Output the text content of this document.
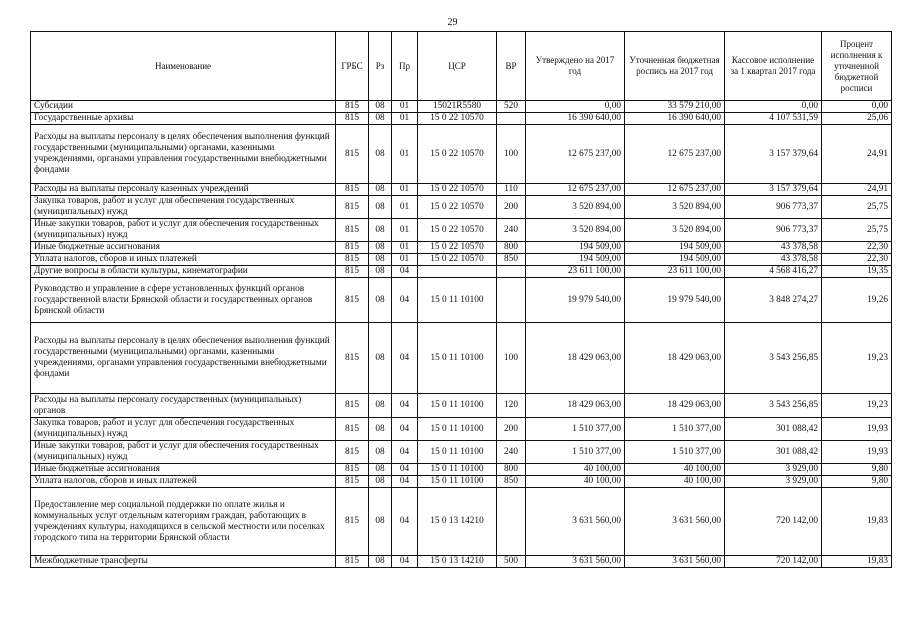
29
Наименование	ГРБС	Рз	Пр	ЦСР	ВР	Утверждено на 2017 год	Уточненная бюджетная роспись на 2017 год	Кассовое исполнение за 1 квартал 2017 года	Процент исполнения к уточненной бюджетной росписи
Субсидии	815	08	01	15021R5580	520	0,00	33 579 210,00	0,00	0,00
Государственные архивы	815	08	01	15 0 22 10570		16 390 640,00	16 390 640,00	4 107 531,59	25,06
Расходы на выплаты персоналу в целях обеспечения выполнения функций государственными (муниципальными) органами, казенными учреждениями, органами управления государственными внебюджетными фондами	815	08	01	15 0 22 10570	100	12 675 237,00	12 675 237,00	3 157 379,64	24,91
Расходы на выплаты персоналу казенных учреждений	815	08	01	15 0 22 10570	110	12 675 237,00	12 675 237,00	3 157 379,64	24,91
Закупка товаров, работ и услуг для обеспечения государственных (муниципальных) нужд	815	08	01	15 0 22 10570	200	3 520 894,00	3 520 894,00	906 773,37	25,75
Иные закупки товаров, работ и услуг для обеспечения государственных (муниципальных) нужд	815	08	01	15 0 22 10570	240	3 520 894,00	3 520 894,00	906 773,37	25,75
Иные бюджетные ассигнования	815	08	01	15 0 22 10570	800	194 509,00	194 509,00	43 378,58	22,30
Уплата налогов, сборов и иных платежей	815	08	01	15 0 22 10570	850	194 509,00	194 509,00	43 378,58	22,30
Другие вопросы в области культуры, кинематографии	815	08	04			23 611 100,00	23 611 100,00	4 568 416,27	19,35
Руководство и управление в сфере установленных функций органов государственной власти Брянской области и государственных органов Брянской области	815	08	04	15 0 11 10100		19 979 540,00	19 979 540,00	3 848 274,27	19,26
Расходы на выплаты персоналу в целях обеспечения выполнения функций государственными (муниципальными) органами, казенными учреждениями, органами управления государственными внебюджетными фондами	815	08	04	15 0 11 10100	100	18 429 063,00	18 429 063,00	3 543 256,85	19,23
Расходы на выплаты персоналу государственных (муниципальных) органов	815	08	04	15 0 11 10100	120	18 429 063,00	18 429 063,00	3 543 256,85	19,23
Закупка товаров, работ и услуг для обеспечения государственных (муниципальных) нужд	815	08	04	15 0 11 10100	200	1 510 377,00	1 510 377,00	301 088,42	19,93
Иные закупки товаров, работ и услуг для обеспечения государственных (муниципальных) нужд	815	08	04	15 0 11 10100	240	1 510 377,00	1 510 377,00	301 088,42	19,93
Иные бюджетные ассигнования	815	08	04	15 0 11 10100	800	40 100,00	40 100,00	3 929,00	9,80
Уплата налогов, сборов и иных платежей	815	08	04	15 0 11 10100	850	40 100,00	40 100,00	3 929,00	9,80
Предоставление мер социальной поддержки по оплате жилья и коммунальных услуг отдельным категориям граждан, работающих в учреждениях культуры, находящихся в сельской местности или поселках городского типа на территории Брянской области	815	08	04	15 0 13 14210		3 631 560,00	3 631 560,00	720 142,00	19,83
Межбюджетные трансферты	815	08	04	15 0 13 14210	500	3 631 560,00	3 631 560,00	720 142,00	19,83
